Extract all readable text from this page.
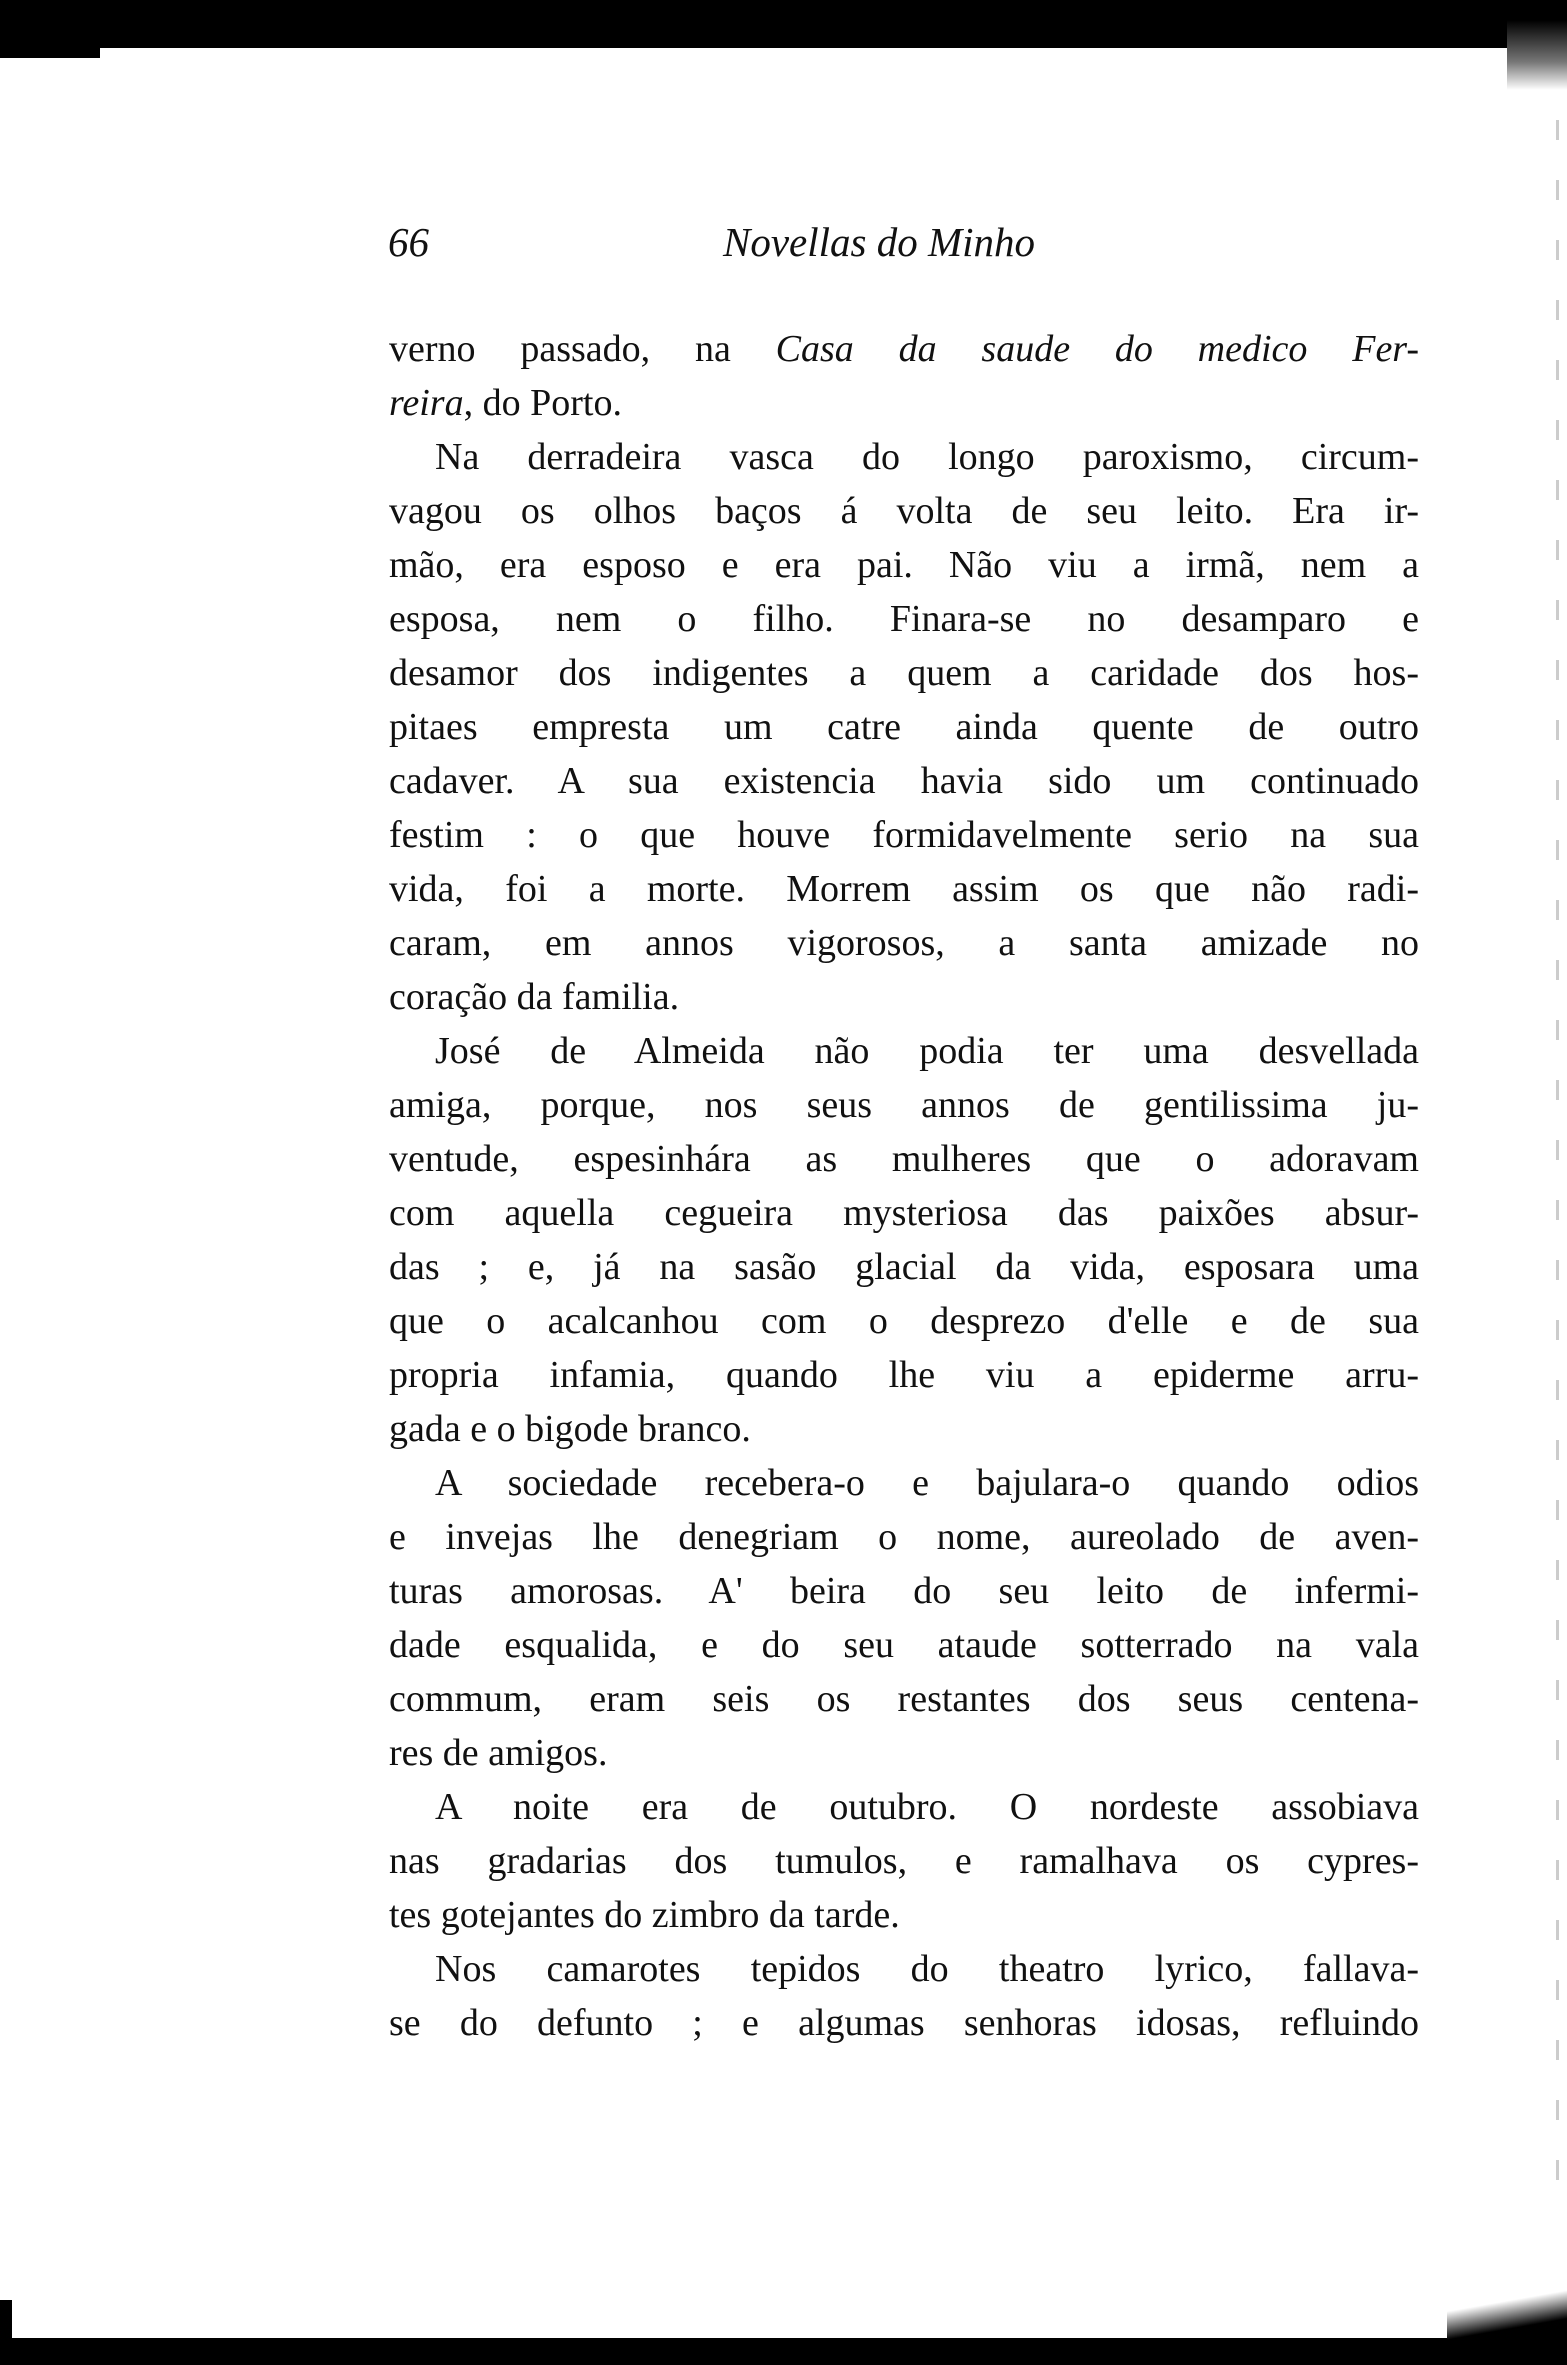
66	Novellas do Minho
verno passado, na Casa da saude do medico Fer-
reira, do Porto.
Na derradeira vasca do longo paroxismo, circum-
vagou os olhos baços á volta de seu leito. Era ir-
mão, era esposo e era pai. Não viu a irmã, nem a
esposa, nem o filho. Finara-se no desamparo e
desamor dos indigentes a quem a caridade dos hos-
pitaes empresta um catre ainda quente de outro
cadaver. A sua existencia havia sido um continuado
festim : o que houve formidavelmente serio na sua
vida, foi a morte. Morrem assim os que não radi-
caram, em annos vigorosos, a santa amizade no
coração da familia.
José de Almeida não podia ter uma desvellada
amiga, porque, nos seus annos de gentilissima ju-
ventude, espesinhára as mulheres que o adoravam
com aquella cegueira mysteriosa das paixões absur-
das ; e, já na sasão glacial da vida, esposara uma
que o acalcanhou com o desprezo d'elle e de sua
propria infamia, quando lhe viu a epiderme arru-
gada e o bigode branco.
A sociedade recebera-o e bajulara-o quando odios
e invejas lhe denegriam o nome, aureolado de aven-
turas amorosas. A' beira do seu leito de infermi-
dade esqualida, e do seu ataude sotterrado na vala
commum, eram seis os restantes dos seus centena-
res de amigos.
A noite era de outubro. O nordeste assobiava
nas gradarias dos tumulos, e ramalhava os cypres-
tes gotejantes do zimbro da tarde.
Nos camarotes tepidos do theatro lyrico, fallava-
se do defunto ; e algumas senhoras idosas, refluindo
